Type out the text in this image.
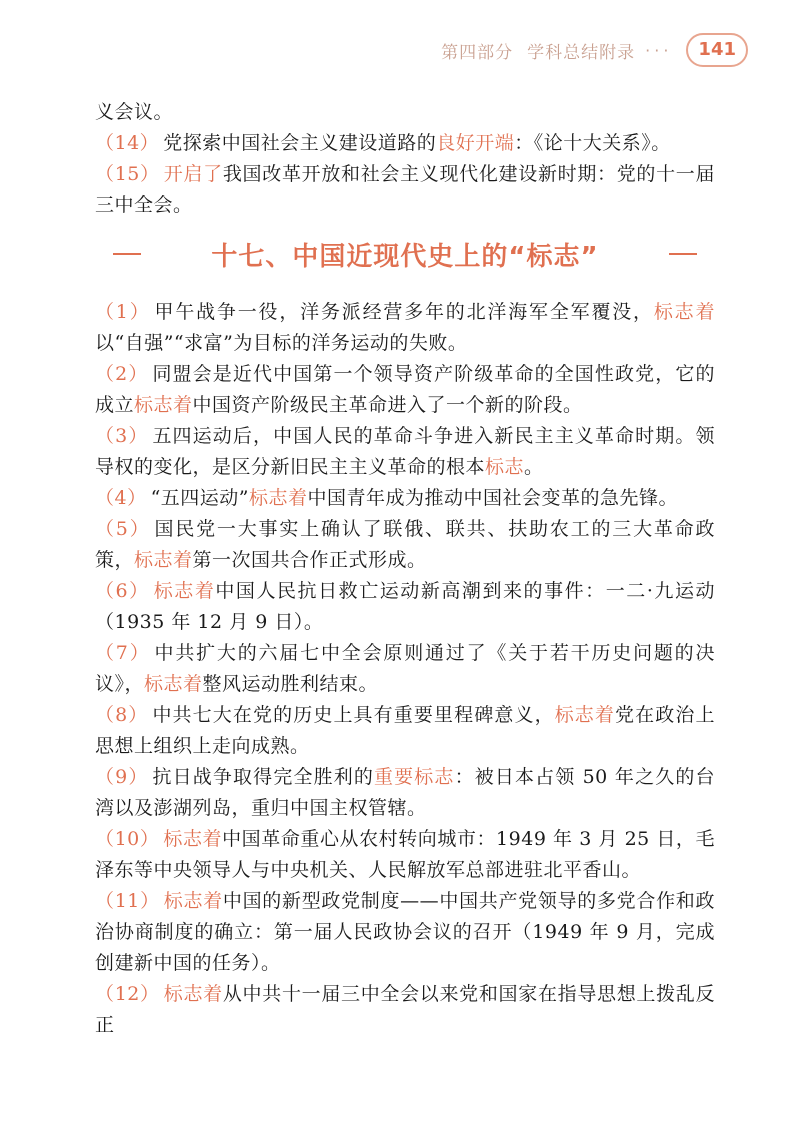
第四部分 学科总结附录 ···	141

义会议。

（14） 党探索中国社会主义建设道路的良好开端：《论十大关系》。

（15） 开启了我国改革开放和社会主义现代化建设新时期：党的十一届三中全会。

十七、中国近现代史上的“标志”

（1） 甲午战争一役，洋务派经营多年的北洋海军全军覆没，标志着以“自强”“求富”为目标的洋务运动的失败。

（2） 同盟会是近代中国第一个领导资产阶级革命的全国性政党，它的成立标志着中国资产阶级民主革命进入了一个新的阶段。

（3） 五四运动后，中国人民的革命斗争进入新民主主义革命时期。领导权的变化，是区分新旧民主主义革命的根本标志。

（4） “五四运动”标志着中国青年成为推动中国社会变革的急先锋。

（5） 国民党一大事实上确认了联俄、联共、扶助农工的三大革命政策，标志着第一次国共合作正式形成。

（6） 标志着中国人民抗日救亡运动新高潮到来的事件：一二·九运动（1935 年 12 月 9 日）。

（7） 中共扩大的六届七中全会原则通过了《关于若干历史问题的决议》，标志着整风运动胜利结束。

（8） 中共七大在党的历史上具有重要里程碑意义，标志着党在政治上思想上组织上走向成熟。

（9） 抗日战争取得完全胜利的重要标志：被日本占领 50 年之久的台湾以及澎湖列岛，重归中国主权管辖。

（10） 标志着中国革命重心从农村转向城市：1949 年 3 月 25 日，毛泽东等中央领导人与中央机关、人民解放军总部进驻北平香山。

（11） 标志着中国的新型政党制度——中国共产党领导的多党合作和政治协商制度的确立：第一届人民政协会议的召开（1949 年 9 月，完成创建新中国的任务）。

（12） 标志着从中共十一届三中全会以来党和国家在指导思想上拨乱反正
